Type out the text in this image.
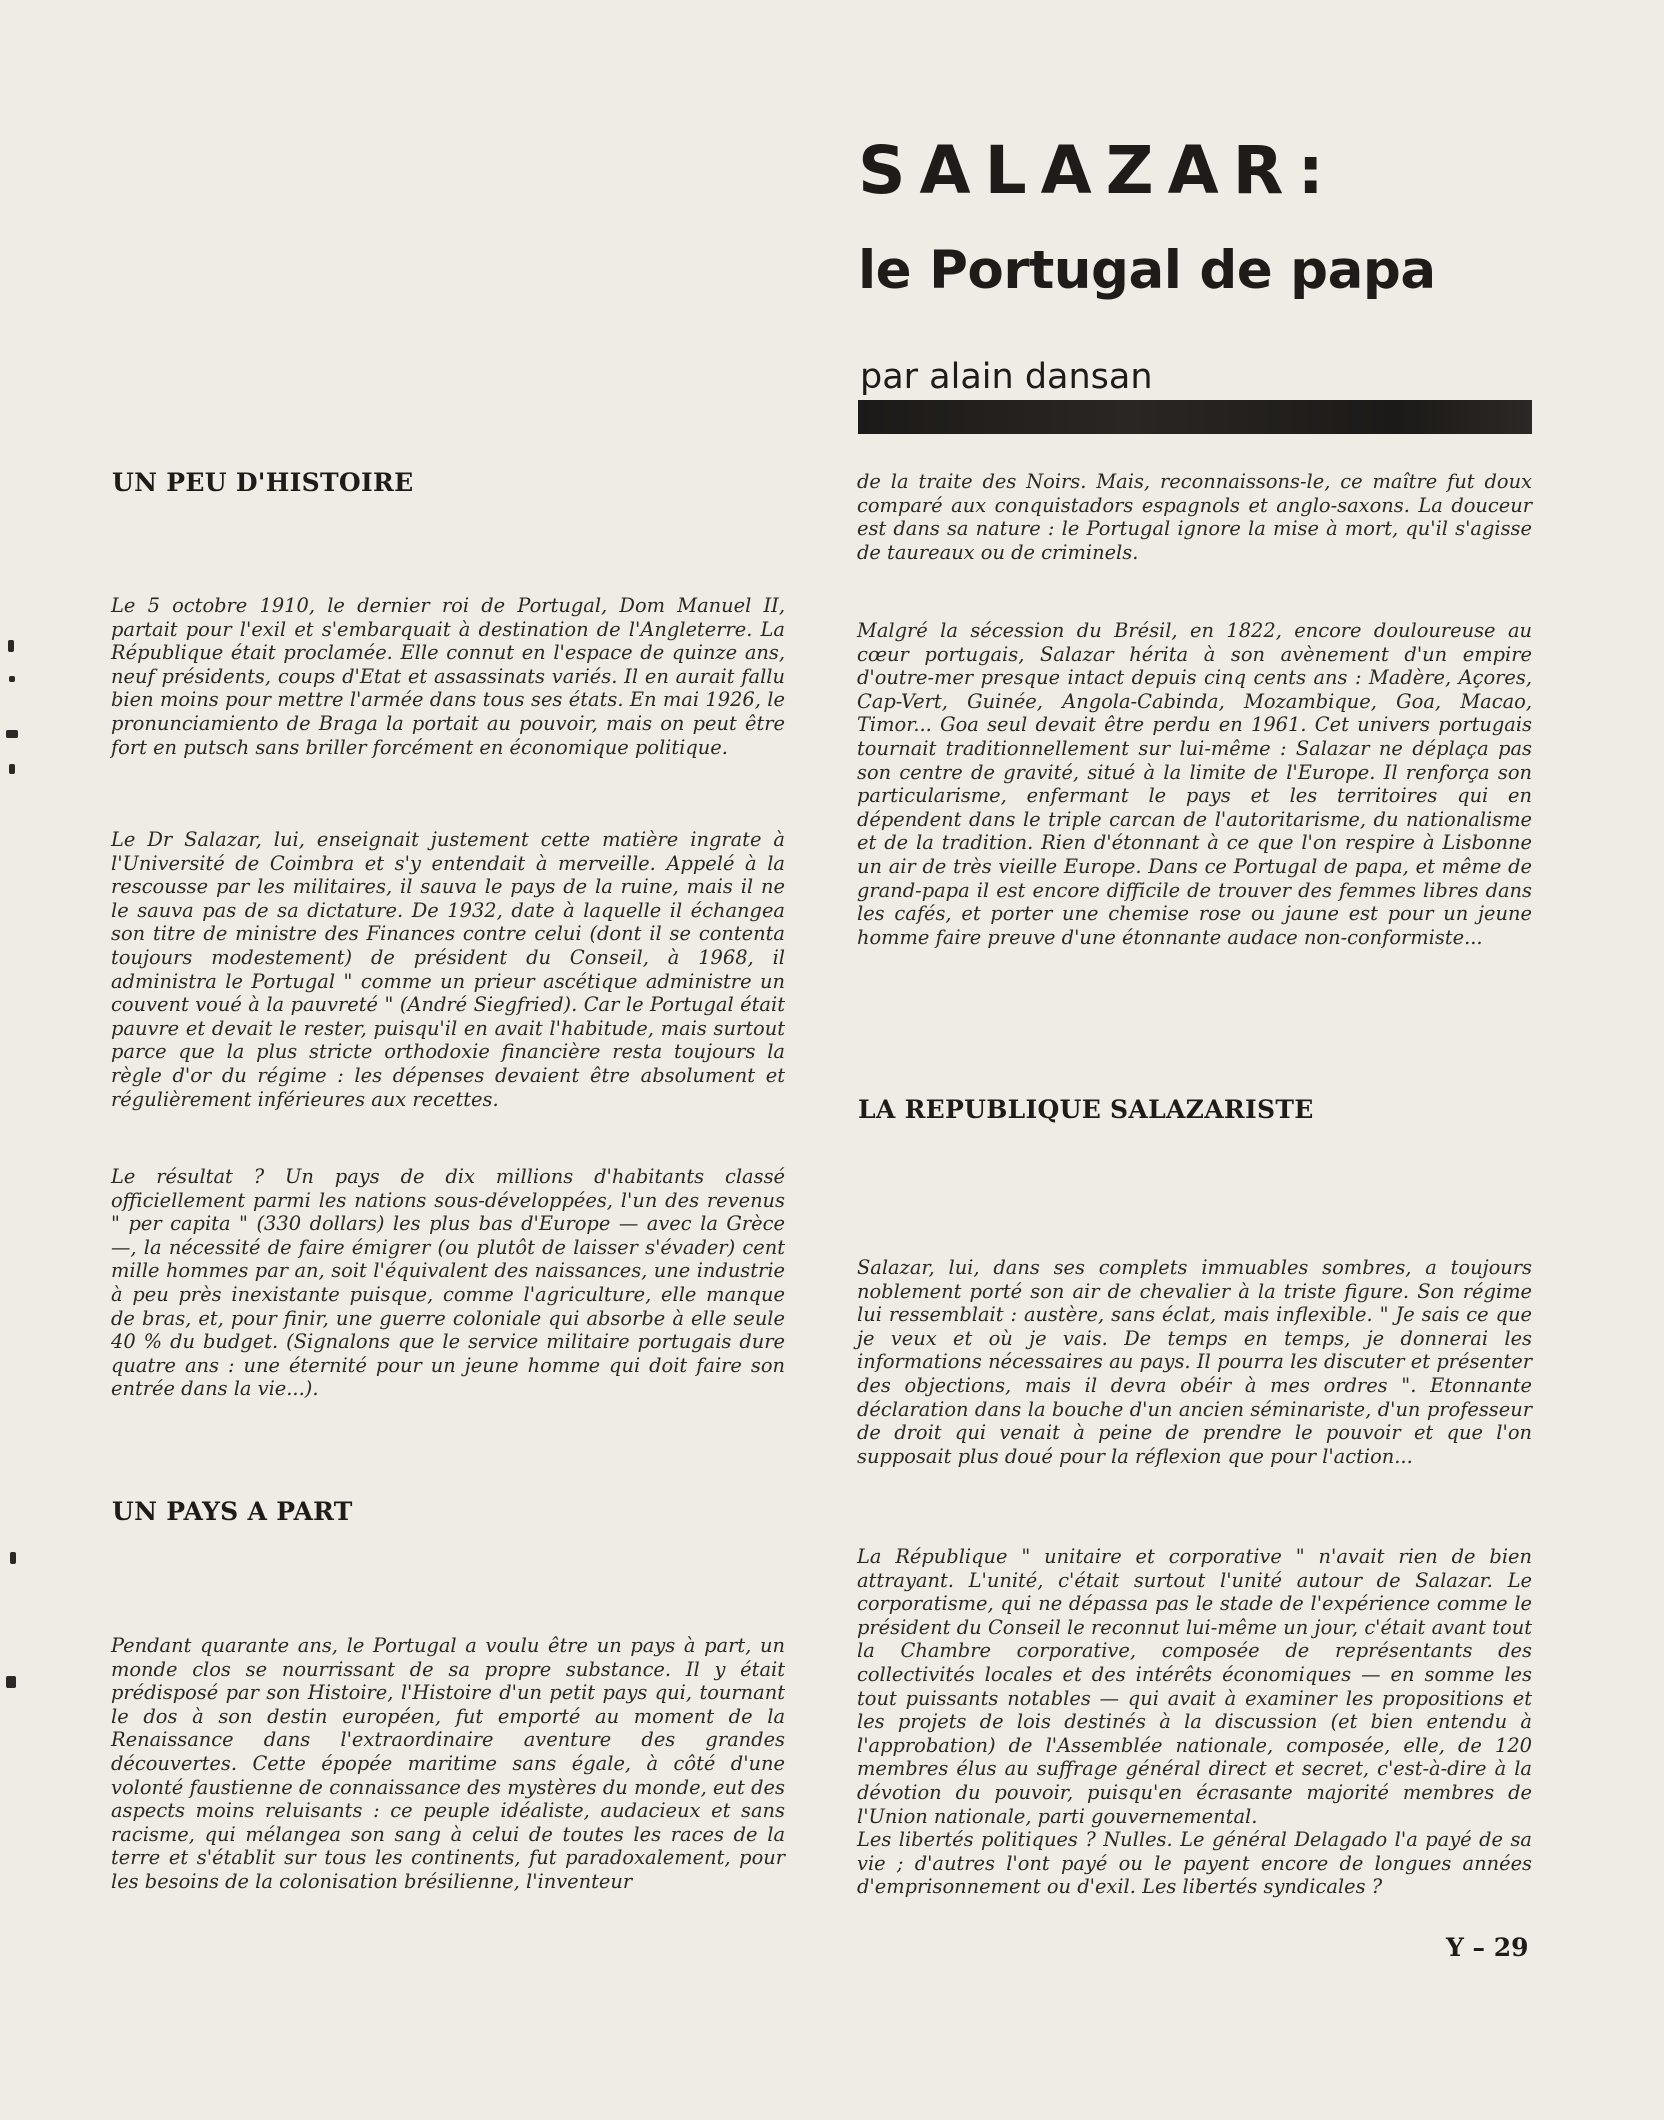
SALAZAR:
le Portugal de papa
par alain dansan
UN PEU D'HISTOIRE
Le 5 octobre 1910, le dernier roi de Portugal, Dom Manuel II, partait pour l'exil et s'embarquait à destination de l'Angleterre. La République était proclamée. Elle connut en l'espace de quinze ans, neuf présidents, coups d'Etat et assassinats variés. Il en aurait fallu bien moins pour mettre l'armée dans tous ses états. En mai 1926, le pronunciamiento de Braga la portait au pouvoir, mais on peut être fort en putsch sans briller forcément en économique politique.
Le Dr Salazar, lui, enseignait justement cette matière ingrate à l'Université de Coimbra et s'y entendait à merveille. Appelé à la rescousse par les militaires, il sauva le pays de la ruine, mais il ne le sauva pas de sa dictature. De 1932, date à laquelle il échangea son titre de ministre des Finances contre celui (dont il se contenta toujours modestement) de président du Conseil, à 1968, il administra le Portugal " comme un prieur ascétique administre un couvent voué à la pauvreté " (André Siegfried). Car le Portugal était pauvre et devait le rester, puisqu'il en avait l'habitude, mais surtout parce que la plus stricte orthodoxie financière resta toujours la règle d'or du régime : les dépenses devaient être absolument et régulièrement inférieures aux recettes.
Le résultat ? Un pays de dix millions d'habitants classé officiellement parmi les nations sous-développées, l'un des revenus " per capita " (330 dollars) les plus bas d'Europe — avec la Grèce —, la nécessité de faire émigrer (ou plutôt de laisser s'évader) cent mille hommes par an, soit l'équivalent des naissances, une industrie à peu près inexistante puisque, comme l'agriculture, elle manque de bras, et, pour finir, une guerre coloniale qui absorbe à elle seule 40 % du budget. (Signalons que le service militaire portugais dure quatre ans : une éternité pour un jeune homme qui doit faire son entrée dans la vie...).
UN PAYS A PART
Pendant quarante ans, le Portugal a voulu être un pays à part, un monde clos se nourrissant de sa propre substance. Il y était prédisposé par son Histoire, l'Histoire d'un petit pays qui, tournant le dos à son destin européen, fut emporté au moment de la Renaissance dans l'extraordinaire aventure des grandes découvertes. Cette épopée maritime sans égale, à côté d'une volonté faustienne de connaissance des mystères du monde, eut des aspects moins reluisants : ce peuple idéaliste, audacieux et sans racisme, qui mélangea son sang à celui de toutes les races de la terre et s'établit sur tous les continents, fut paradoxalement, pour les besoins de la colonisation brésilienne, l'inventeur
de la traite des Noirs. Mais, reconnaissons-le, ce maître fut doux comparé aux conquistadors espagnols et anglo-saxons. La douceur est dans sa nature : le Portugal ignore la mise à mort, qu'il s'agisse de taureaux ou de criminels.
Malgré la sécession du Brésil, en 1822, encore douloureuse au cœur portugais, Salazar hérita à son avènement d'un empire d'outre-mer presque intact depuis cinq cents ans : Madère, Açores, Cap-Vert, Guinée, Angola-Cabinda, Mozambique, Goa, Macao, Timor... Goa seul devait être perdu en 1961. Cet univers portugais tournait traditionnellement sur lui-même : Salazar ne déplaça pas son centre de gravité, situé à la limite de l'Europe. Il renforça son particularisme, enfermant le pays et les territoires qui en dépendent dans le triple carcan de l'autoritarisme, du nationalisme et de la tradition. Rien d'étonnant à ce que l'on respire à Lisbonne un air de très vieille Europe. Dans ce Portugal de papa, et même de grand-papa il est encore difficile de trouver des femmes libres dans les cafés, et porter une chemise rose ou jaune est pour un jeune homme faire preuve d'une étonnante audace non-conformiste...
LA REPUBLIQUE SALAZARISTE
Salazar, lui, dans ses complets immuables sombres, a toujours noblement porté son air de chevalier à la triste figure. Son régime lui ressemblait : austère, sans éclat, mais inflexible. " Je sais ce que je veux et où je vais. De temps en temps, je donnerai les informations nécessaires au pays. Il pourra les discuter et présenter des objections, mais il devra obéir à mes ordres ". Etonnante déclaration dans la bouche d'un ancien séminariste, d'un professeur de droit qui venait à peine de prendre le pouvoir et que l'on supposait plus doué pour la réflexion que pour l'action...
La République " unitaire et corporative " n'avait rien de bien attrayant. L'unité, c'était surtout l'unité autour de Salazar. Le corporatisme, qui ne dépassa pas le stade de l'expérience comme le président du Conseil le reconnut lui-même un jour, c'était avant tout la Chambre corporative, composée de représentants des collectivités locales et des intérêts économiques — en somme les tout puissants notables — qui avait à examiner les propositions et les projets de lois destinés à la discussion (et bien entendu à l'approbation) de l'Assemblée nationale, composée, elle, de 120 membres élus au suffrage général direct et secret, c'est-à-dire à la dévotion du pouvoir, puisqu'en écrasante majorité membres de l'Union nationale, parti gouvernemental.
Les libertés politiques ? Nulles. Le général Delagado l'a payé de sa vie ; d'autres l'ont payé ou le payent encore de longues années d'emprisonnement ou d'exil. Les libertés syndicales ?
Y – 29
